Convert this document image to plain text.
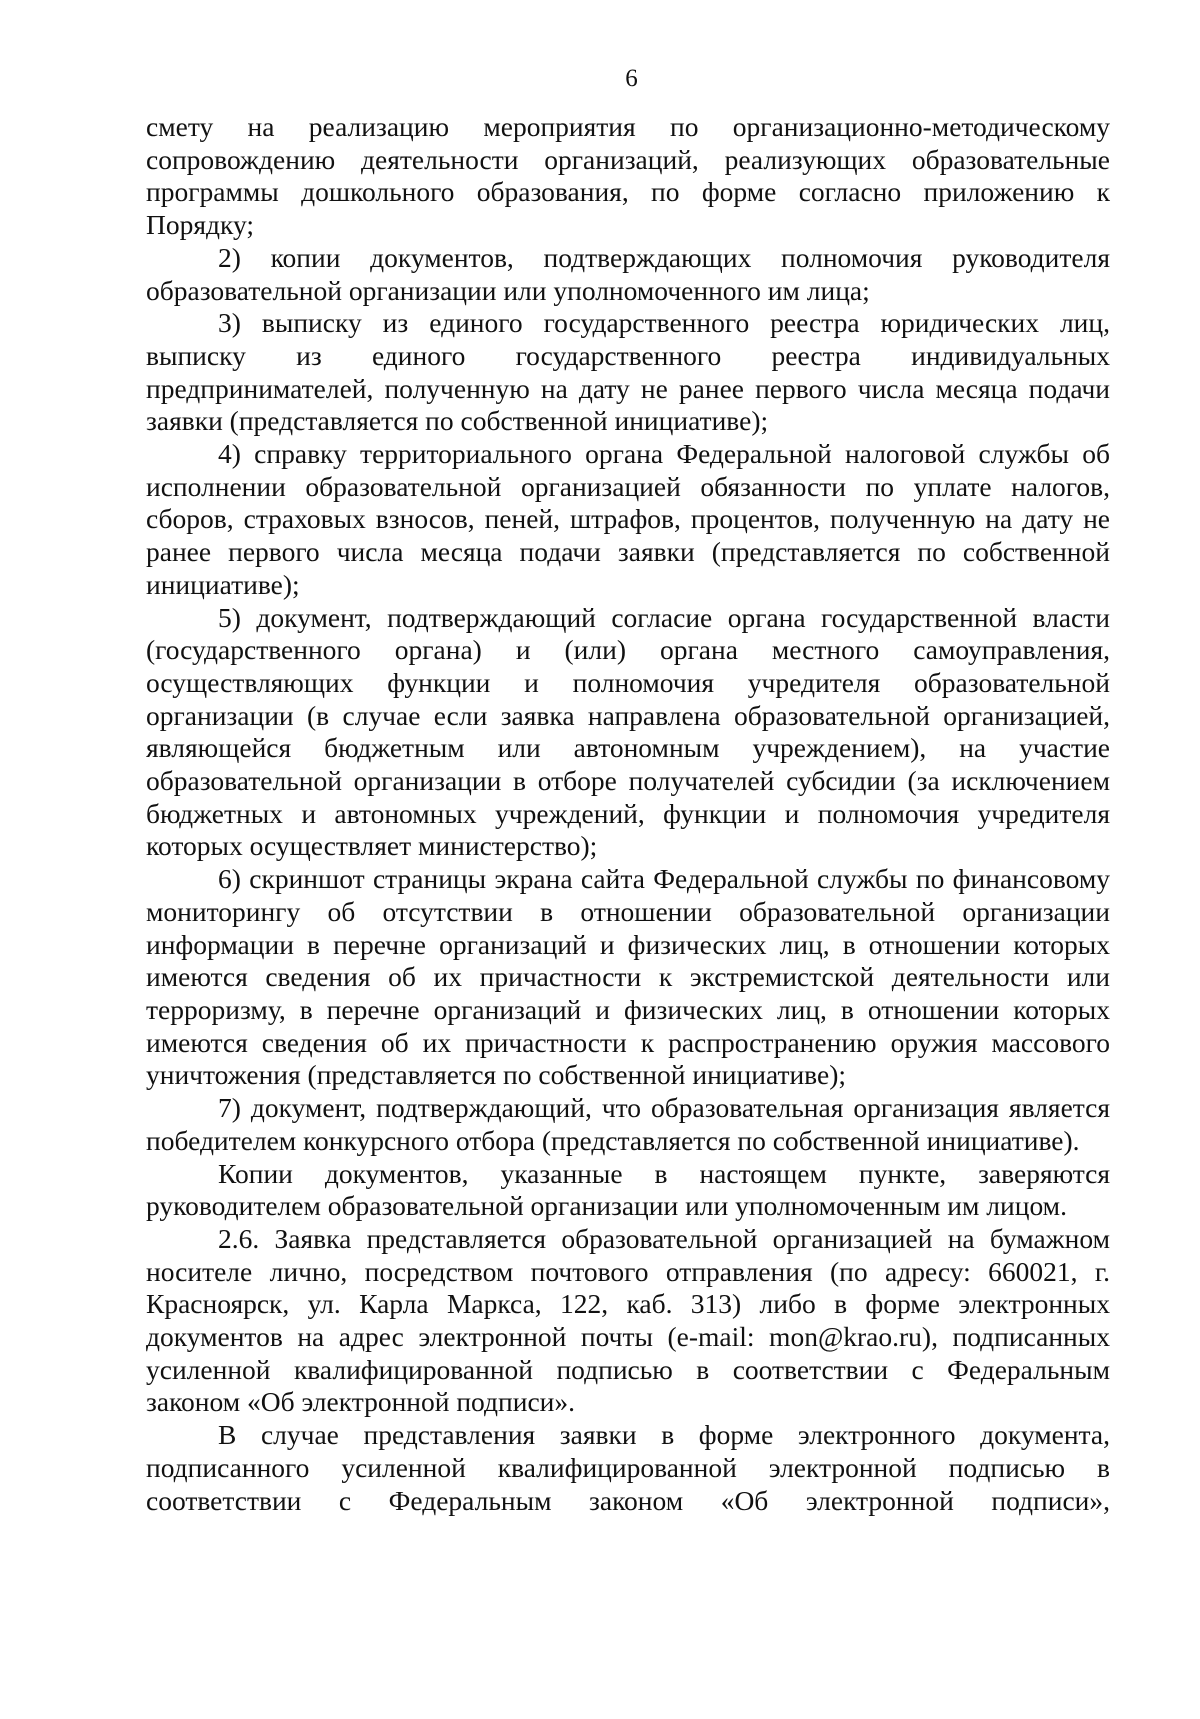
6

смету на реализацию мероприятия по организационно-методическому сопровождению деятельности организаций, реализующих образовательные программы дошкольного образования, по форме согласно приложению к Порядку;

2) копии документов, подтверждающих полномочия руководителя образовательной организации или уполномоченного им лица;

3) выписку из единого государственного реестра юридических лиц, выписку из единого государственного реестра индивидуальных предпринимателей, полученную на дату не ранее первого числа месяца подачи заявки (представляется по собственной инициативе);

4) справку территориального органа Федеральной налоговой службы об исполнении образовательной организацией обязанности по уплате налогов, сборов, страховых взносов, пеней, штрафов, процентов, полученную на дату не ранее первого числа месяца подачи заявки (представляется по собственной инициативе);

5) документ, подтверждающий согласие органа государственной власти (государственного органа) и (или) органа местного самоуправления, осуществляющих функции и полномочия учредителя образовательной организации (в случае если заявка направлена образовательной организацией, являющейся бюджетным или автономным учреждением), на участие образовательной организации в отборе получателей субсидии (за исключением бюджетных и автономных учреждений, функции и полномочия учредителя которых осуществляет министерство);

6) скриншот страницы экрана сайта Федеральной службы по финансовому мониторингу об отсутствии в отношении образовательной организации информации в перечне организаций и физических лиц, в отношении которых имеются сведения об их причастности к экстремистской деятельности или терроризму, в перечне организаций и физических лиц, в отношении которых имеются сведения об их причастности к распространению оружия массового уничтожения (представляется по собственной инициативе);

7) документ, подтверждающий, что образовательная организация является победителем конкурсного отбора (представляется по собственной инициативе).

Копии документов, указанные в настоящем пункте, заверяются руководителем образовательной организации или уполномоченным им лицом.

2.6. Заявка представляется образовательной организацией на бумажном носителе лично, посредством почтового отправления (по адресу: 660021, г. Красноярск, ул. Карла Маркса, 122, каб. 313) либо в форме электронных документов на адрес электронной почты (e-mail: mon@krao.ru), подписанных усиленной квалифицированной подписью в соответствии с Федеральным законом «Об электронной подписи».

В случае представления заявки в форме электронного документа, подписанного усиленной квалифицированной электронной подписью в соответствии с Федеральным законом «Об электронной подписи»,
